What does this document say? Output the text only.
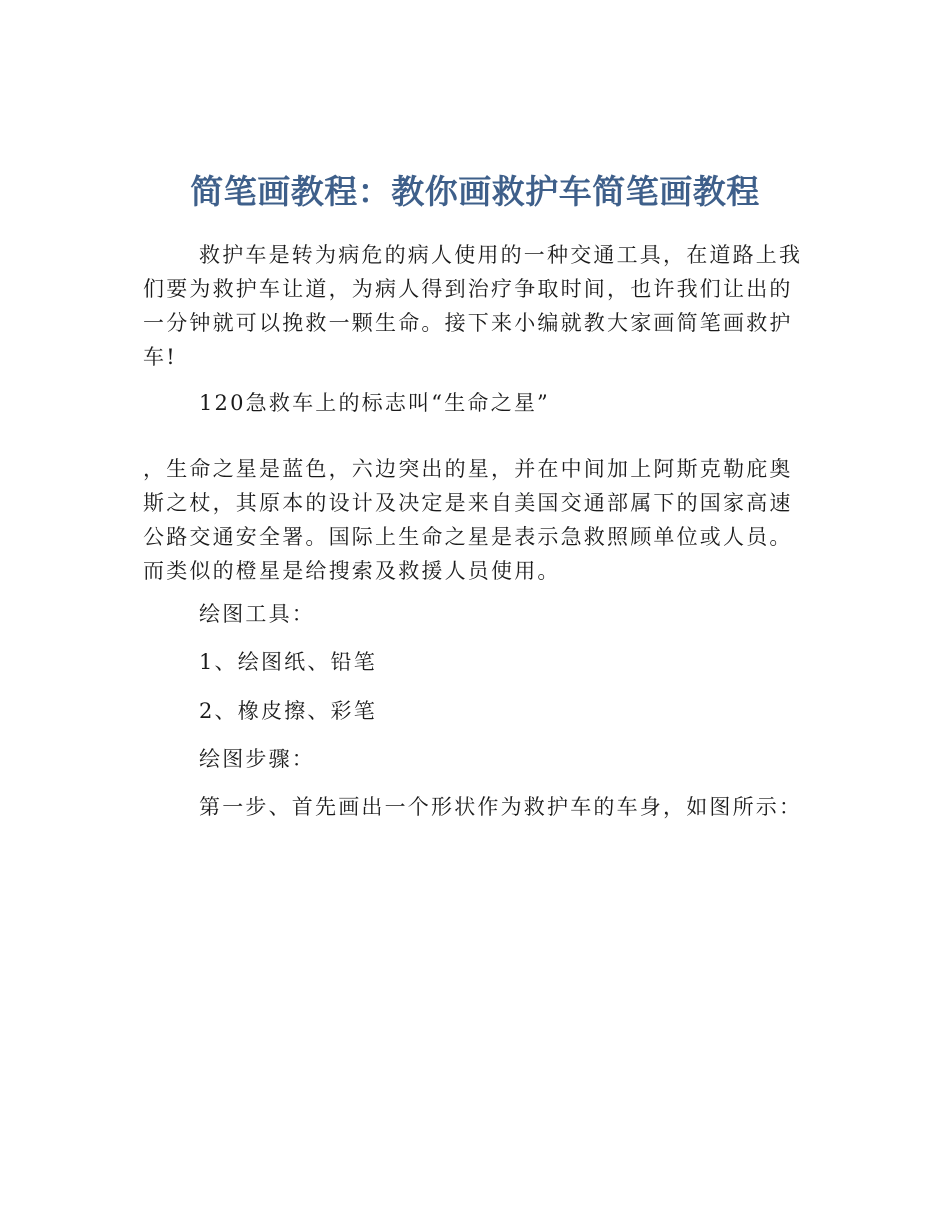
简笔画教程：教你画救护车简笔画教程

救护车是转为病危的病人使用的一种交通工具，在道路上我们要为救护车让道，为病人得到治疗争取时间，也许我们让出的一分钟就可以挽救一颗生命。接下来小编就教大家画简笔画救护车!

120急救车上的标志叫“生命之星”

，生命之星是蓝色，六边突出的星，并在中间加上阿斯克勒庇奥斯之杖，其原本的设计及决定是来自美国交通部属下的国家高速公路交通安全署。国际上生命之星是表示急救照顾单位或人员。而类似的橙星是给搜索及救援人员使用。

绘图工具：

1、绘图纸、铅笔

2、橡皮擦、彩笔

绘图步骤：

第一步、首先画出一个形状作为救护车的车身，如图所示：
